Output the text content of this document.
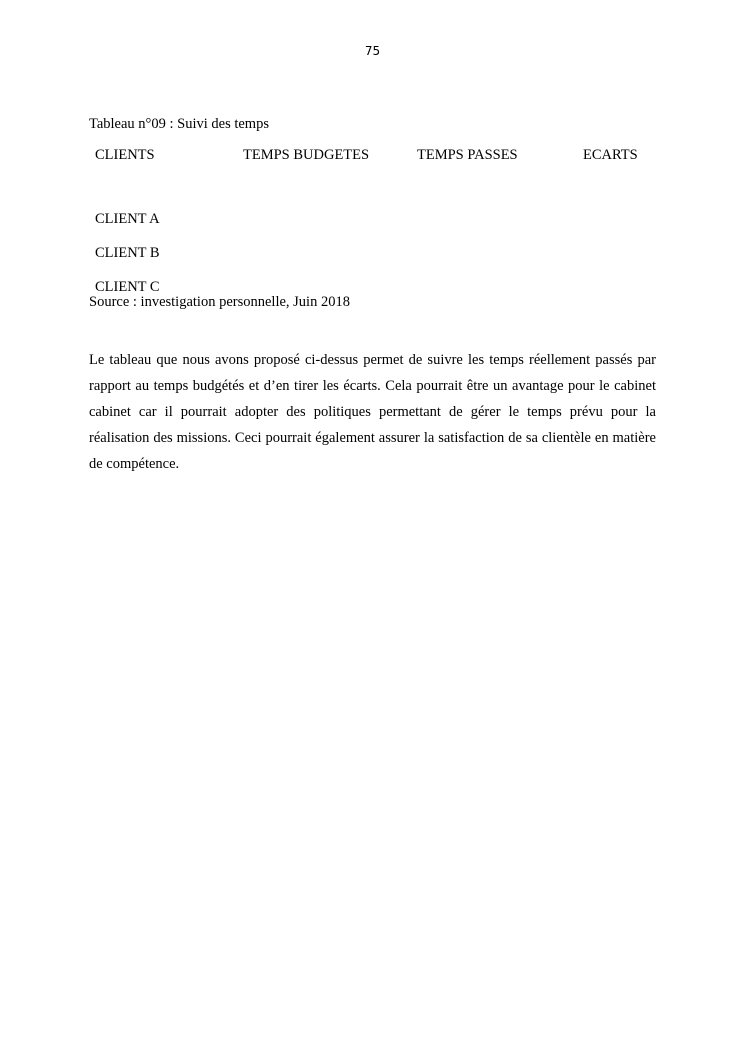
75
Tableau n°09 : Suivi des temps
CLIENTS	TEMPS BUDGETES	TEMPS PASSES	ECARTS

CLIENT A			
CLIENT B			
CLIENT C			
Source : investigation personnelle, Juin 2018

Le tableau que nous avons proposé ci-dessus permet de suivre les temps réellement passés par rapport au temps budgétés et d’en tirer les écarts. Cela pourrait être un avantage pour le cabinet cabinet car il pourrait adopter des politiques permettant de gérer le temps prévu pour la réalisation des missions. Ceci pourrait également assurer la satisfaction de sa clientèle en matière de compétence.
